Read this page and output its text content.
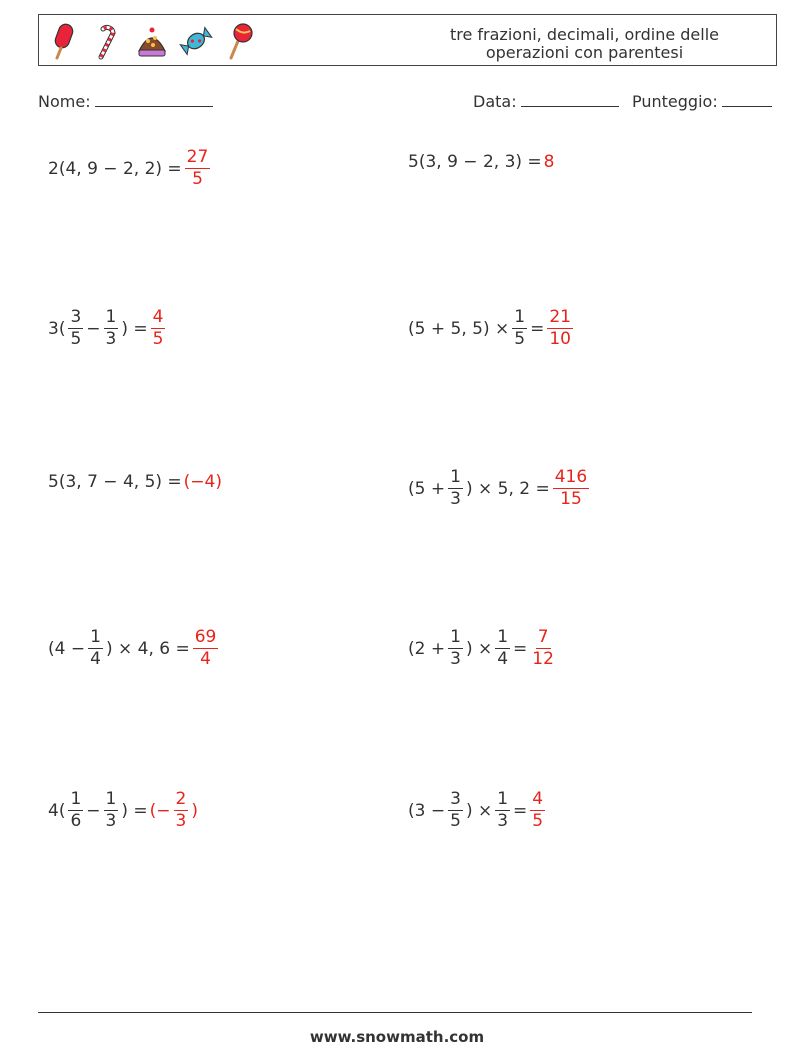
tre frazioni, decimali, ordine delle
operazioni con parentesi
Nome:	Data:	Punteggio:
2(4, 9 − 2, $2) = \frac{27}{5}$	5(3, 9 − 2, 3) = 8
$3( \frac{3}{5} - \frac{1}{3}$ ) = $\frac{4}{5}$	(5 + 5, $5) \times \frac{1}{5} = \frac{21}{10}$
5(3, 7 − 4, 5) = (−4)	($5 + \frac{1}{3}$ ) × 5, $2 = \frac{416}{15}$
($4 - \frac{1}{4}$ ) × 4, $6 = \frac{69}{4}$	($2 + \frac{1}{3}$ ) × $\frac{1}{4} = \frac{7}{12}$
$4( \frac{1}{6} - \frac{1}{3}$ ) = (− $\frac{2}{3}$ )	($3 - \frac{3}{5}$ ) × $\frac{1}{3} = \frac{4}{5}$
www.snowmath.com
